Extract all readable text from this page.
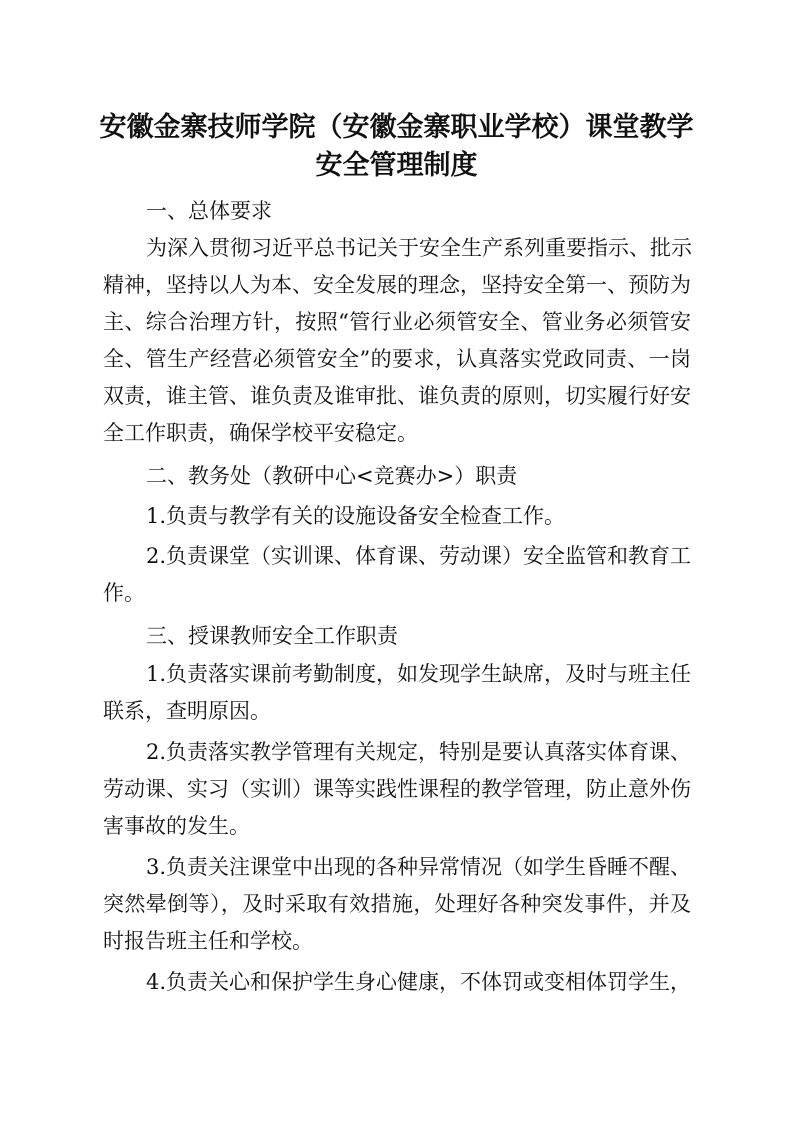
安徽金寨技师学院（安徽金寨职业学校）课堂教学
安全管理制度
一、总体要求
为深入贯彻习近平总书记关于安全生产系列重要指示、批示
精神，坚持以人为本、安全发展的理念，坚持安全第一、预防为
主、综合治理方针，按照“管行业必须管安全、管业务必须管安
全、管生产经营必须管安全”的要求，认真落实党政同责、一岗
双责，谁主管、谁负责及谁审批、谁负责的原则，切实履行好安
全工作职责，确保学校平安稳定。
二、教务处（教研中心<竞赛办>）职责
1.负责与教学有关的设施设备安全检查工作。
2.负责课堂（实训课、体育课、劳动课）安全监管和教育工
作。
三、授课教师安全工作职责
1.负责落实课前考勤制度，如发现学生缺席，及时与班主任
联系，查明原因。
2.负责落实教学管理有关规定，特别是要认真落实体育课、
劳动课、实习（实训）课等实践性课程的教学管理，防止意外伤
害事故的发生。
3.负责关注课堂中出现的各种异常情况（如学生昏睡不醒、
突然晕倒等），及时采取有效措施，处理好各种突发事件，并及
时报告班主任和学校。
4.负责关心和保护学生身心健康，不体罚或变相体罚学生，
